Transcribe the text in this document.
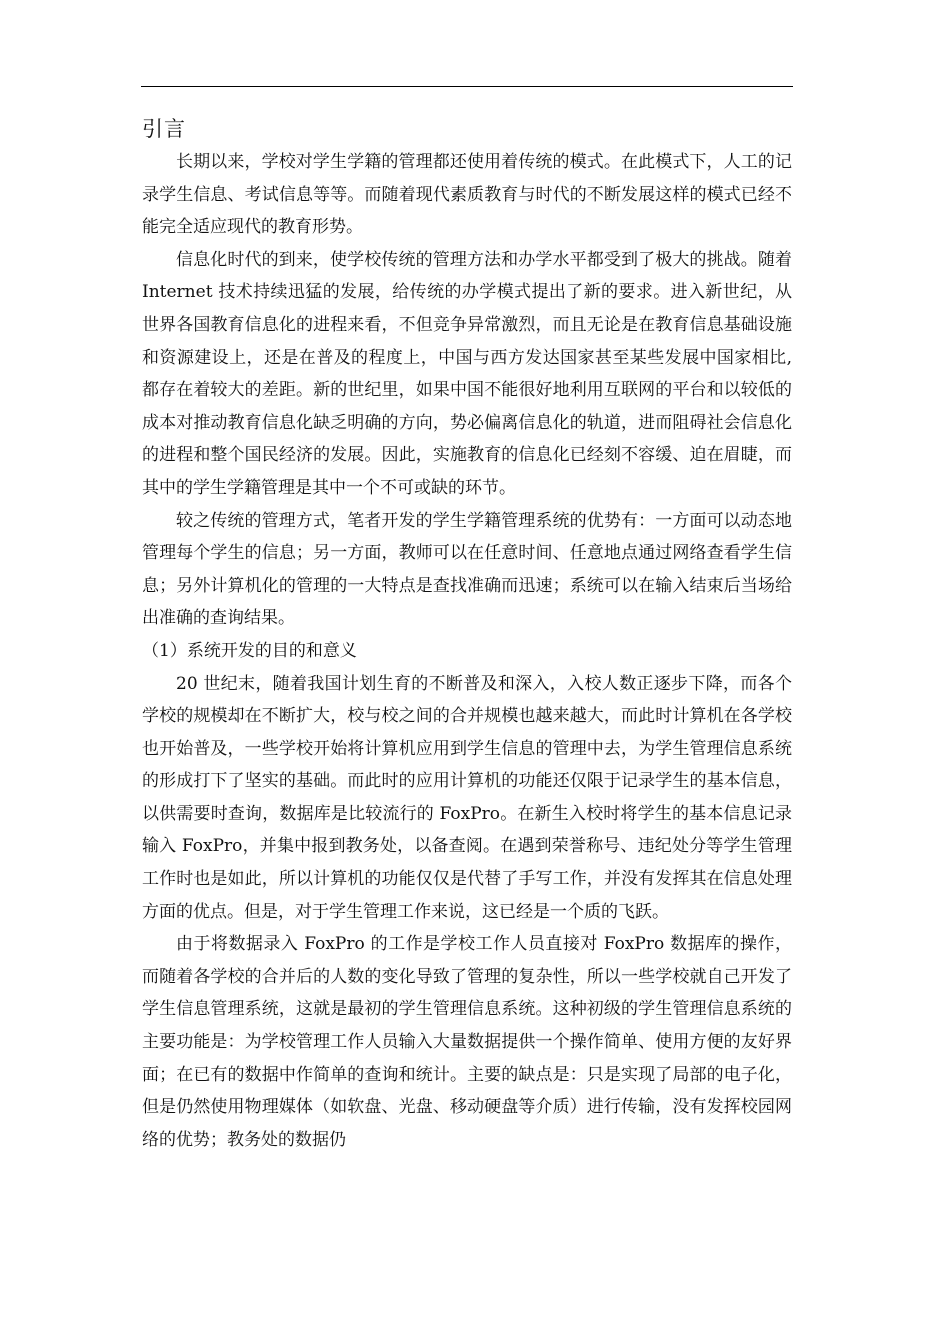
引言

长期以来，学校对学生学籍的管理都还使用着传统的模式。在此模式下，人工的记录学生信息、考试信息等等。而随着现代素质教育与时代的不断发展这样的模式已经不能完全适应现代的教育形势。

信息化时代的到来，使学校传统的管理方法和办学水平都受到了极大的挑战。随着 Internet 技术持续迅猛的发展，给传统的办学模式提出了新的要求。进入新世纪，从世界各国教育信息化的进程来看，不但竞争异常激烈，而且无论是在教育信息基础设施和资源建设上，还是在普及的程度上，中国与西方发达国家甚至某些发展中国家相比,都存在着较大的差距。新的世纪里，如果中国不能很好地利用互联网的平台和以较低的成本对推动教育信息化缺乏明确的方向，势必偏离信息化的轨道，进而阻碍社会信息化的进程和整个国民经济的发展。因此，实施教育的信息化已经刻不容缓、迫在眉睫，而其中的学生学籍管理是其中一个不可或缺的环节。

较之传统的管理方式，笔者开发的学生学籍管理系统的优势有：一方面可以动态地管理每个学生的信息；另一方面，教师可以在任意时间、任意地点通过网络查看学生信息；另外计算机化的管理的一大特点是查找准确而迅速；系统可以在输入结束后当场给出准确的查询结果。

（1）系统开发的目的和意义

20 世纪末，随着我国计划生育的不断普及和深入，入校人数正逐步下降，而各个学校的规模却在不断扩大，校与校之间的合并规模也越来越大，而此时计算机在各学校也开始普及，一些学校开始将计算机应用到学生信息的管理中去，为学生管理信息系统的形成打下了坚实的基础。而此时的应用计算机的功能还仅限于记录学生的基本信息，以供需要时查询，数据库是比较流行的 FoxPro。在新生入校时将学生的基本信息记录输入 FoxPro，并集中报到教务处，以备查阅。在遇到荣誉称号、违纪处分等学生管理工作时也是如此，所以计算机的功能仅仅是代替了手写工作，并没有发挥其在信息处理方面的优点。但是，对于学生管理工作来说，这已经是一个质的飞跃。

由于将数据录入 FoxPro 的工作是学校工作人员直接对 FoxPro 数据库的操作，而随着各学校的合并后的人数的变化导致了管理的复杂性，所以一些学校就自己开发了学生信息管理系统，这就是最初的学生管理信息系统。这种初级的学生管理信息系统的主要功能是：为学校管理工作人员输入大量数据提供一个操作简单、使用方便的友好界面；在已有的数据中作简单的查询和统计。主要的缺点是：只是实现了局部的电子化，但是仍然使用物理媒体（如软盘、光盘、移动硬盘等介质）进行传输，没有发挥校园网络的优势；教务处的数据仍
